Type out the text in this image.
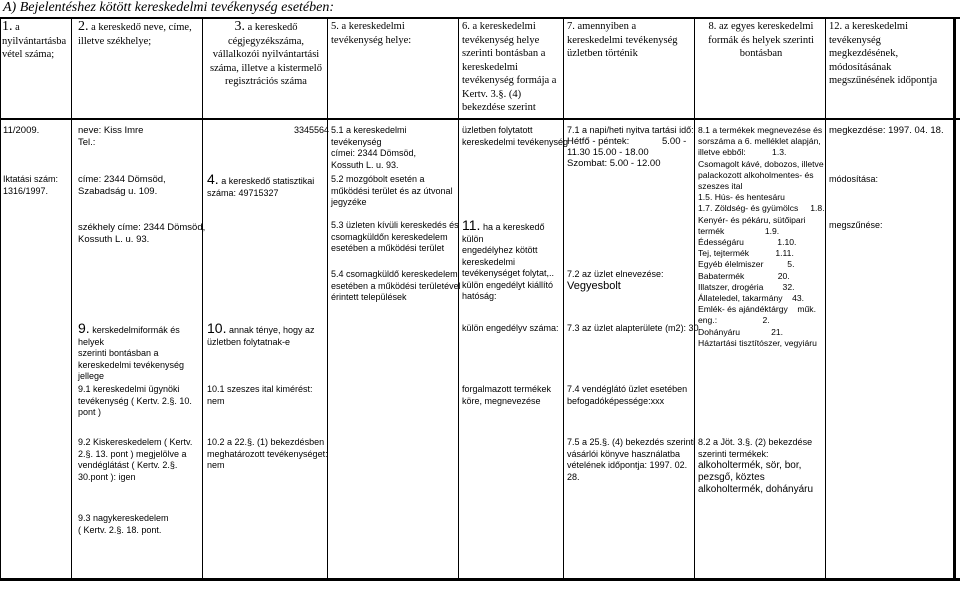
A) Bejelentéshez kötött kereskedelmi tevékenység esetében:
1. a
nyilvántartásba
vétel száma;
2. a kereskedő neve, címe,
illetve székhelye;
3. a kereskedő
cégjegyzékszáma,
vállalkozói nyilvántartási
száma, illetve a kistermelő
regisztrációs száma
5. a kereskedelmi
tevékenység helye:
6. a kereskedelmi
tevékenység helye
szerinti bontásban a
kereskedelmi
tevékenység formája a
Kertv. 3.§. (4)
bekezdése szerint
7. amennyiben a
kereskedelmi tevékenység
üzletben történik
8. az egyes kereskedelmi
formák és helyek szerinti
bontásban
12. a kereskedelmi
tevékenység megkezdésének,
módosításának
megszűnésének időpontja
11/2009.
Iktatási szám:
1316/1997.
neve: Kiss Imre
Tel.:
címe: 2344 Dömsöd,
Szabadság u. 109.
székhely címe: 2344 Dömsöd,
Kossuth L. u. 93.
9. kerskedelmiformák és helyek
szerinti bontásban a
kereskedelmi tevékenység
jellege
9.1 kereskedelmi ügynöki
tevékenység ( Kertv. 2.§. 10.
pont )
9.2 Kiskereskedelem ( Kertv.
2.§. 13. pont ) megjelölve a
vendéglátást ( Kertv. 2.§.
30.pont ): igen
9.3 nagykereskedelem
( Kertv. 2.§. 18. pont.
3345564
4. a kereskedő statisztikai
száma: 49715327
10. annak ténye, hogy az
üzletben folytatnak-e
10.1 szeszes ital kimérést:
nem
10.2 a 22.§. (1) bekezdésben
meghatározott tevékenységet:
nem
5.1 a kereskedelmi tevékenység
címei: 2344 Dömsöd,
Kossuth L. u. 93.
5.2 mozgóbolt esetén a
működési terület és az útvonal
jegyzéke
5.3 üzleten kívüli kereskedés és
csomagküldőn kereskedelem
esetében a működési terület
5.4 csomagküldő kereskedelem
esetében a működési területével
érintett települések
üzletben folytatott
kereskedelmi tevékenység
11. ha a kereskedő külön
engedélyhez kötött
kereskedelmi
tevékenységet folytat,..
külön engedélyt kiállító
hatóság:
külön engedélyv száma:
forgalmazott termékek
köre, megnevezése
7.1 a napi/heti nyitva tartási idő:
Hétfő - péntek:	5.00 -
11.30 15.00 - 18.00
Szombat: 5.00 - 12.00
7.2 az üzlet elnevezése:
Vegyesbolt
7.3 az üzlet alapterülete (m2): 30
7.4 vendéglátó üzlet esetében
befogadóképessége:xxx
7.5 a 25.§. (4) bekezdés szerinti
vásárlói könyve használatba
vételének időpontja: 1997. 02.
28.
8.1 a termékek megnevezése és
sorszáma a 6. melléklet alapján,
illetve ebből:           1.3.
Csomagolt kávé, dobozos, illetve
palackozott alkoholmentes- és
szeszes ital
1.5. Hús- és hentesáru
1.7. Zöldség- és gyümölcs     1.8.
Kenyér- és pékáru, sütőipari
termék                 1.9.
Édességáru              1.10.
Tej, tejtermék           1.11.
Egyéb élelmiszer          5.
Babatermék              20.
Illatszer, drogéria        32.
Állateledel, takarmány    43.
Emlék- és ajándéktárgy    műk.
eng.:                   2.
Dohányáru             21.
Háztartási tisztítószer, vegyiáru
8.2 a Jöt. 3.§. (2) bekezdése
szerinti termékek:
alkoholtermék, sör, bor,
pezsgő, köztes
alkoholtermék, dohányáru
megkezdése: 1997. 04. 18.
módosítása:
megszűnése:
